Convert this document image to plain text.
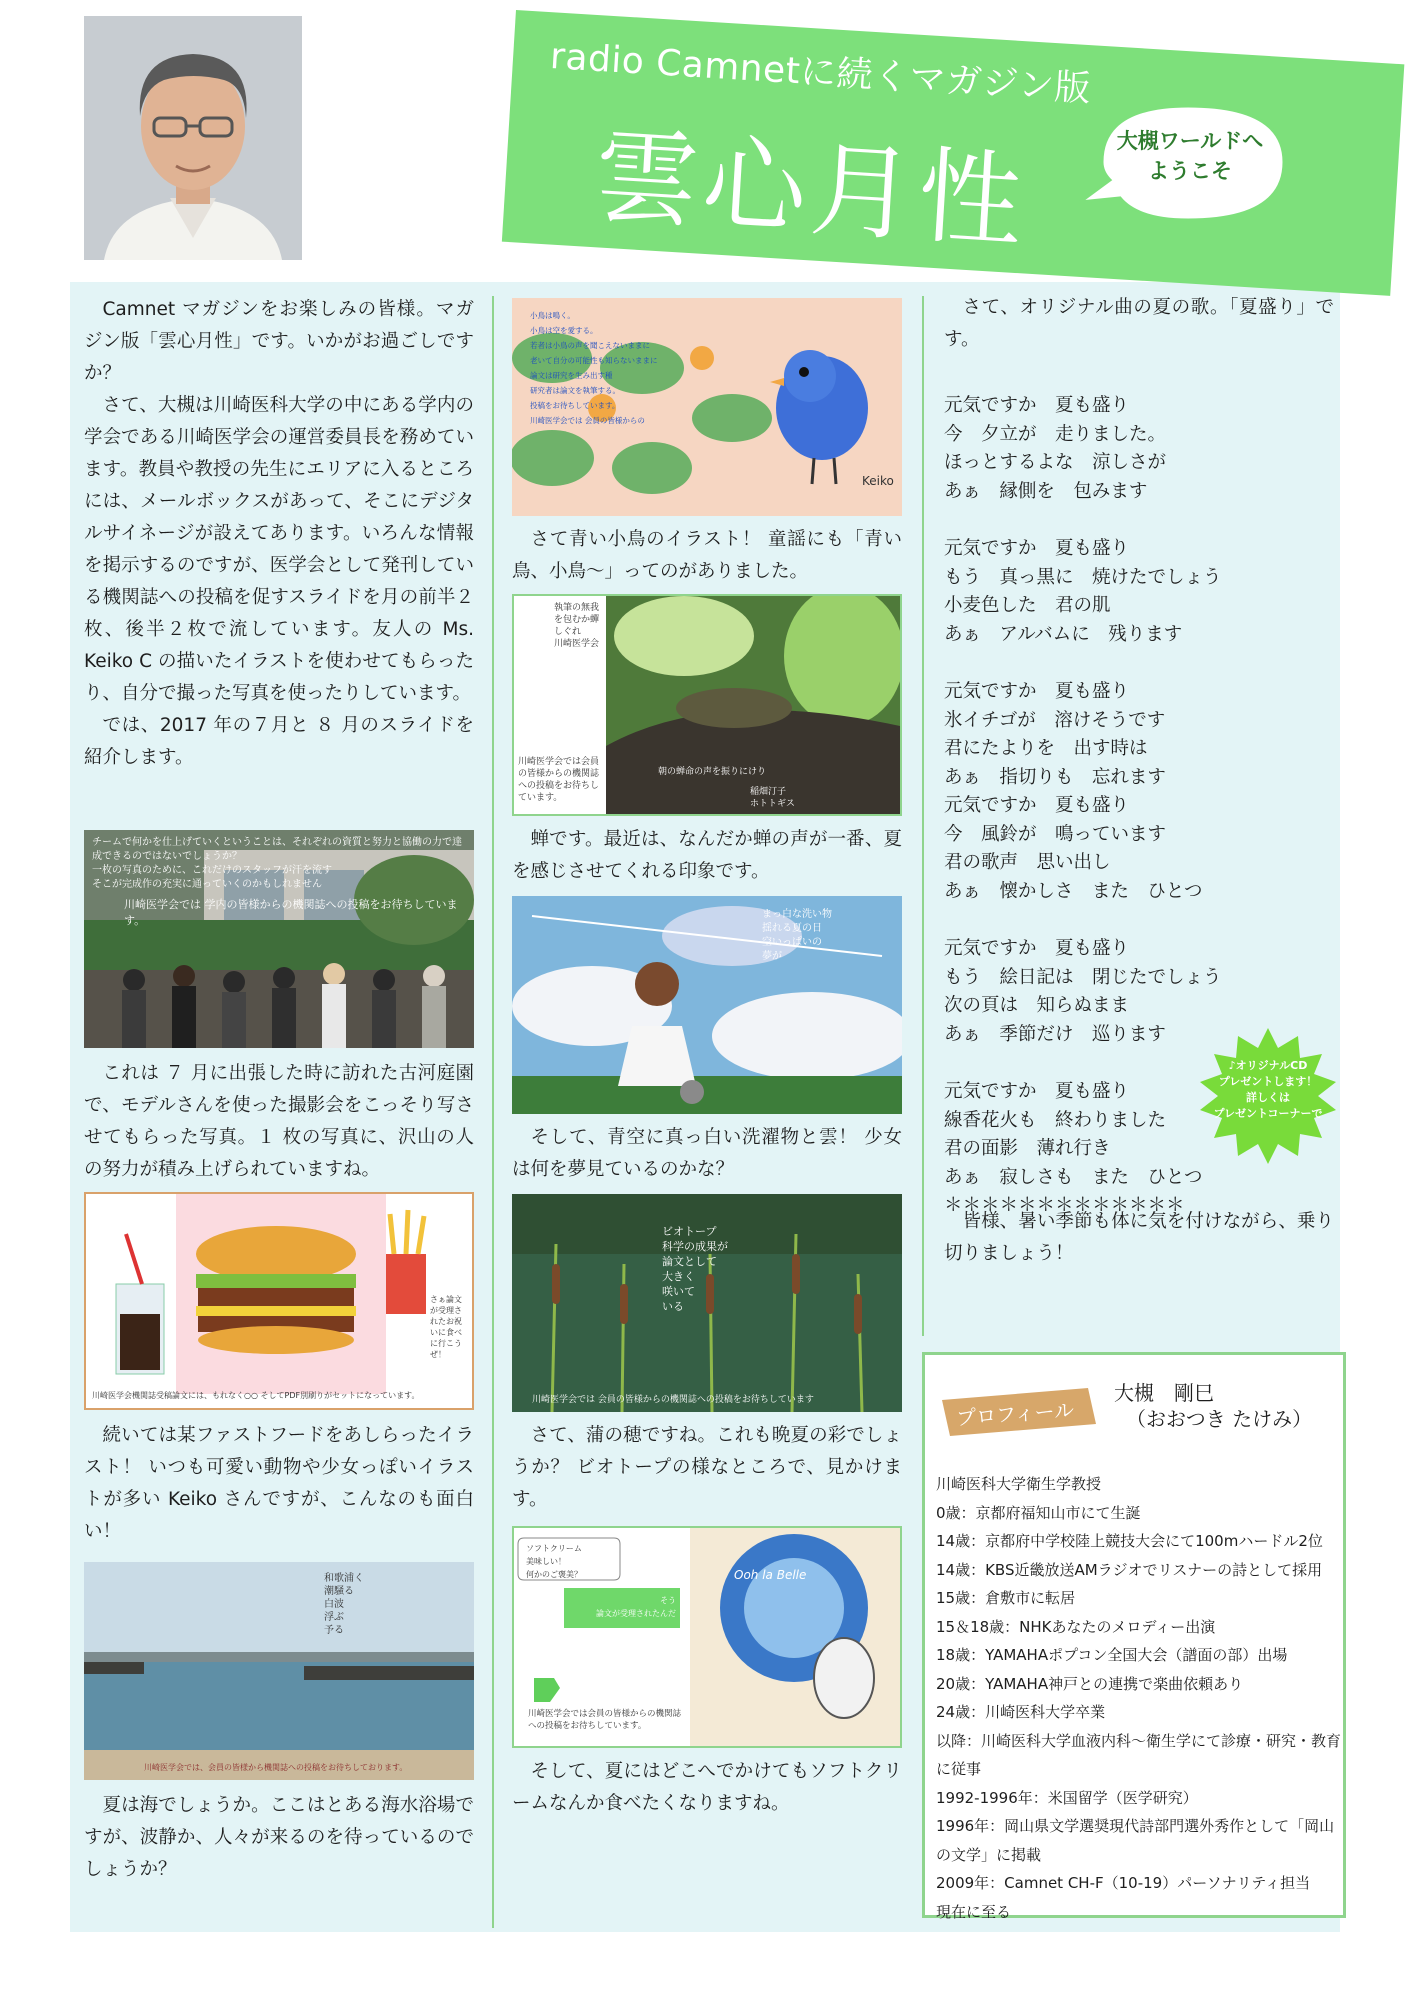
radio Camnetに続くマガジン版
雲心月性	大槻ワールドへようこそ

Camnet マガジンをお楽しみの皆様。マガジン版「雲心月性」です。いかがお過ごしですか？

さて、大槻は川崎医科大学の中にある学内の学会である川崎医学会の運営委員長を務めています。教員や教授の先生にエリアに入るところには、メールボックスがあって、そこにデジタルサイネージが設えてあります。いろんな情報を掲示するのですが、医学会として発刊している機関誌への投稿を促すスライドを月の前半２枚、後半２枚で流しています。友人の Ms. Keiko C の描いたイラストを使わせてもらったり、自分で撮った写真を使ったりしています。

では、2017 年の７月と ８ 月のスライドを紹介します。

チームで何かを仕上げていくということは、それぞれの資質と努力と協働の力で達成できるのではないでしょうか？
一枚の写真のために、これだけのスタッフが汗を流す
そこが完成作の充実に通っていくのかもしれません
川崎医学会では 学内の皆様からの機関誌への投稿をお待ちしています。

これは ７ 月に出張した時に訪れた古河庭園で、モデルさんを使った撮影会をこっそり写させてもらった写真。１ 枚の写真に、沢山の人の努力が積み上げられていますね。

川崎医学会機関誌受稿論文には、もれなく○○ そしてPDF別刷りがセットになっています。
さぁ論文が受理されたお祝いに食べに行こうぜ！

続いては某ファストフードをあしらったイラスト！ いつも可愛い動物や少女っぽいイラストが多い Keiko さんですが、こんなのも面白い！

和歌浦く
潮騒る
白波
浮ぶ
予る
川崎医学会では、会員の皆様から機関誌への投稿をお待ちしております。

夏は海でしょうか。ここはとある海水浴場ですが、波静か、人々が来るのを待っているのでしょうか？

小鳥は鳴く。
小鳥は空を愛する。
若者は小鳥の声を聞こえないままに
老いて自分の可能性も知らないままに
論文は研究を生み出す種
研究者は論文を執筆する。
投稿をお待ちしています。
川崎医学会では 会員の皆様からの
Keiko

さて青い小鳥のイラスト！ 童謡にも「青い鳥、小鳥～」ってのがありました。

執筆の無我を包むか蟬しぐれ
川崎医学会
川崎医学会では会員の皆様からの機関誌への投稿をお待ちしています。
朝の蝉命の声を振りにけり
稲畑汀子
ホトトギス

蝉です。最近は、なんだか蝉の声が一番、夏を感じさせてくれる印象です。

まっ白な洗い物
揺れる夏の日
空いっぱいの
夢が

そして、青空に真っ白い洗濯物と雲！ 少女は何を夢見ているのかな？

ビオトープ
科学の成果が
論文として
大きく
咲いて
いる
川崎医学会では 会員の皆様からの機関誌への投稿をお待ちしています

さて、蒲の穂ですね。これも晩夏の彩でしょうか？ ビオトープの様なところで、見かけます。

ソフトクリーム
美味しい！
何かのご褒美？
そう
論文が受理されたんだ
川崎医学会では会員の皆様からの機関誌への投稿をお待ちしています。
Ooh la Belle

そして、夏にはどこへでかけてもソフトクリームなんか食べたくなりますね。

さて、オリジナル曲の夏の歌。「夏盛り」です。

元気ですか　夏も盛り
今　夕立が　走りました。
ほっとするよな　涼しさが
あぁ　縁側を　包みます
元気ですか　夏も盛り
もう　真っ黒に　焼けたでしょう
小麦色した　君の肌
あぁ　アルバムに　残ります
元気ですか　夏も盛り
氷イチゴが　溶けそうです
君にたよりを　出す時は
あぁ　指切りも　忘れます
元気ですか　夏も盛り
今　風鈴が　鳴っています
君の歌声　思い出し
あぁ　懐かしさ　また　ひとつ
元気ですか　夏も盛り
もう　絵日記は　閉じたでしょう
次の頁は　知らぬまま
あぁ　季節だけ　巡ります
元気ですか　夏も盛り
線香花火も　終わりました
君の面影　薄れ行き
あぁ　寂しさも　また　ひとつ
＊＊＊＊＊＊＊＊＊＊＊＊＊
♪オリジナルCD
プレゼントします！
詳しくは
プレゼントコーナーで

皆様、暑い季節も体に気を付けながら、乗り切りましょう！

プロフィール
大槻　剛巳
（おおつき たけみ）
川崎医科大学衛生学教授
0歳：京都府福知山市にて生誕
14歳：京都府中学校陸上競技大会にて100mハードル2位
14歳：KBS近畿放送AMラジオでリスナーの詩として採用
15歳：倉敷市に転居
15＆18歳：NHKあなたのメロディー出演
18歳：YAMAHAポプコン全国大会（譜面の部）出場
20歳：YAMAHA神戸との連携で楽曲依頼あり
24歳：川崎医科大学卒業
以降：川崎医科大学血液内科～衛生学にて診療・研究・教育に従事
1992-1996年：米国留学（医学研究）
1996年：岡山県文学選奨現代詩部門選外秀作として「岡山の文学」に掲載
2009年：Camnet CH-F（10-19）パーソナリティ担当
現在に至る
